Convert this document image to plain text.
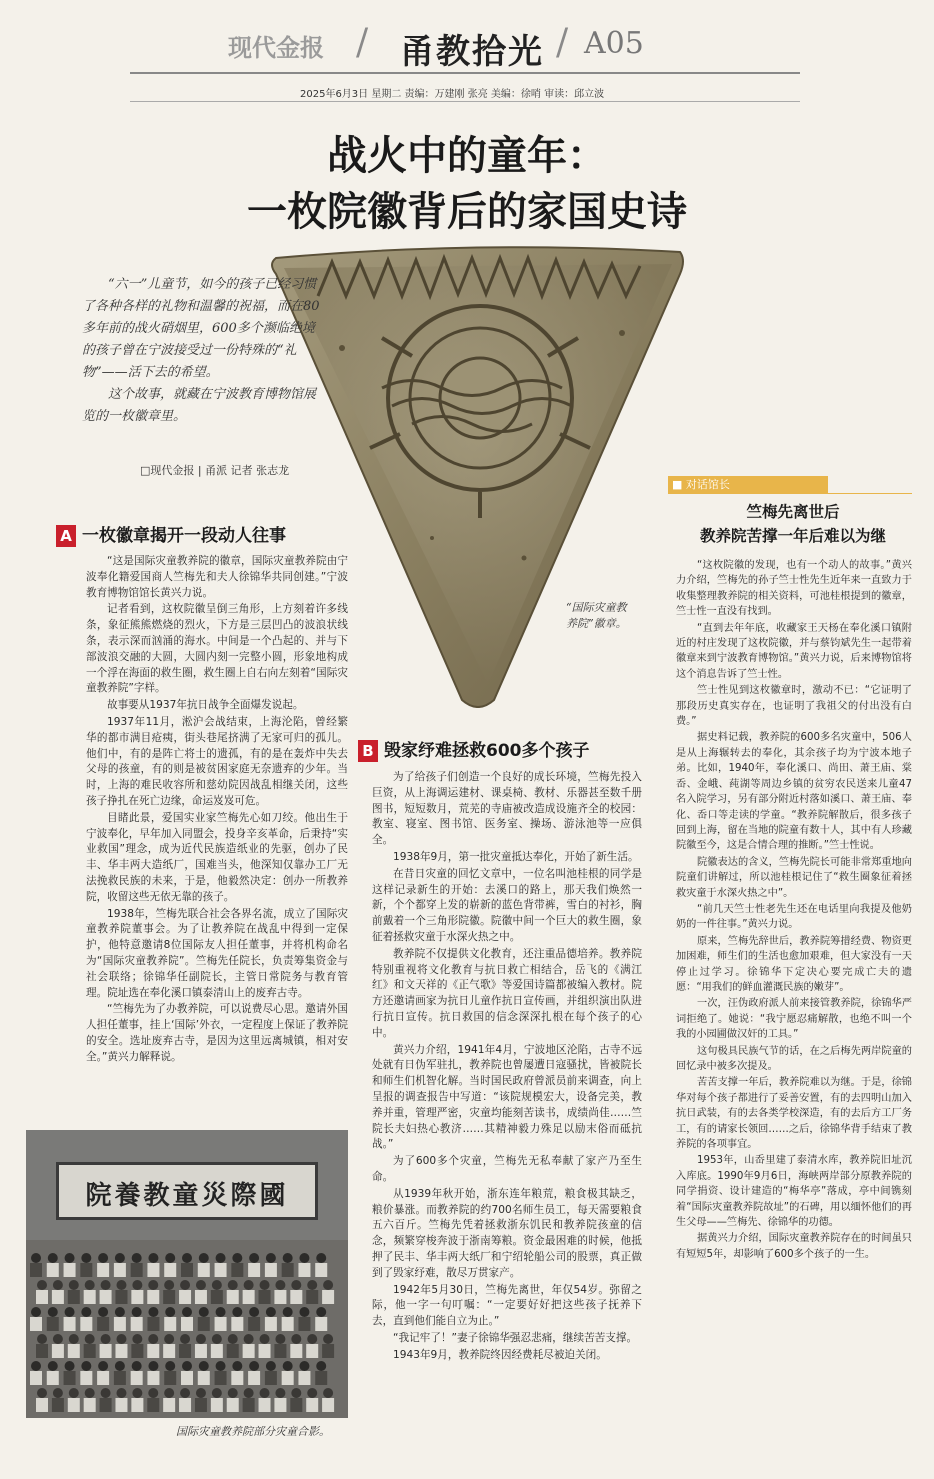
现代金报 / 甬教拾光 / A05
2025年6月3日 星期二 责编：万建刚 张亮 美编：徐哨 审读：邱立波
战火中的童年：
一枚院徽背后的家国史诗

“六一”儿童节，如今的孩子已经习惯了各种各样的礼物和温馨的祝福，而在80多年前的战火硝烟里，600多个濒临绝境的孩子曾在宁波接受过一份特殊的“礼物”——活下去的希望。

这个故事，就藏在宁波教育博物馆展览的一枚徽章里。

□现代金报 | 甬派 记者 张志龙
“国际灾童教养院”徽章。
A 一枚徽章揭开一段动人往事

“这是国际灾童教养院的徽章，国际灾童教养院由宁波奉化籍爱国商人竺梅先和夫人徐锦华共同创建。”宁波教育博物馆馆长黄兴力说。

记者看到，这枚院徽呈倒三角形，上方刻着许多线条，象征熊熊燃烧的烈火，下方是三层凹凸的波浪状线条，表示深而汹涌的海水。中间是一个凸起的、并与下部波浪交融的大圆，大圆内刻一完整小圆，形象地构成一个浮在海面的救生圈，救生圈上自右向左刻着“国际灾童教养院”字样。

故事要从1937年抗日战争全面爆发说起。

1937年11月，淞沪会战结束，上海沦陷，曾经繁华的都市满目疮痍，街头巷尾挤满了无家可归的孤儿。他们中，有的是阵亡将士的遗孤，有的是在轰炸中失去父母的孩童，有的则是被贫困家庭无奈遗弃的少年。当时，上海的难民收容所和慈幼院因战乱相继关闭，这些孩子挣扎在死亡边缘，命运岌岌可危。

目睹此景，爱国实业家竺梅先心如刀绞。他出生于宁波奉化，早年加入同盟会，投身辛亥革命，后秉持“实业救国”理念，成为近代民族造纸业的先驱，创办了民丰、华丰两大造纸厂，国难当头，他深知仅靠办工厂无法挽救民族的未来，于是，他毅然决定：创办一所教养院，收留这些无依无靠的孩子。

1938年，竺梅先联合社会各界名流，成立了国际灾童教养院董事会。为了让教养院在战乱中得到一定保护，他特意邀请8位国际友人担任董事，并将机构命名为“国际灾童教养院”。竺梅先任院长，负责筹集资金与社会联络；徐锦华任副院长，主管日常院务与教育管理。院址选在奉化溪口镇泰清山上的废弃古寺。

“竺梅先为了办教养院，可以说费尽心思。邀请外国人担任董事，挂上‘国际’外衣，一定程度上保证了教养院的安全。选址废弃古寺，是因为这里远离城镇，相对安全。”黄兴力解释说。

院養教童災際國
国际灾童教养院部分灾童合影。
B 毁家纾难拯救600多个孩子

为了给孩子们创造一个良好的成长环境，竺梅先投入巨资，从上海调运建材、课桌椅、教材、乐器甚至数千册图书，短短数月，荒芜的寺庙被改造成设施齐全的校园：教室、寝室、图书馆、医务室、操场、游泳池等一应俱全。

1938年9月，第一批灾童抵达奉化，开始了新生活。

在昔日灾童的回忆文章中，一位名叫池桂根的同学是这样记录新生的开始：去溪口的路上，那天我们焕然一新，个个都穿上发的崭新的蓝色背带裤，雪白的衬衫，胸前戴着一个三角形院徽。院徽中间一个巨大的救生圈，象征着拯救灾童于水深火热之中。

教养院不仅提供文化教育，还注重品德培养。教养院特别重视将文化教育与抗日救亡相结合，岳飞的《满江红》和文天祥的《正气歌》等爱国诗篇都被编入教材。院方还邀请画家为抗日儿童作抗日宣传画，并组织演出队进行抗日宣传。抗日救国的信念深深扎根在每个孩子的心中。

黄兴力介绍，1941年4月，宁波地区沦陷，古寺不远处就有日伪军驻扎，教养院也曾屡遭日寇骚扰，皆被院长和师生们机智化解。当时国民政府曾派员前来调查，向上呈报的调查报告中写道：“该院规模宏大，设备完美，教养并重，管理严密，灾童均能刻苦读书，成绩尚佳……竺院长夫妇热心教济……其精神毅力殊足以励末俗而砥抗战。”

为了600多个灾童，竺梅先无私奉献了家产乃至生命。

从1939年秋开始，浙东连年粮荒，粮食极其缺乏，粮价暴涨。而教养院的约700名师生员工，每天需要粮食五六百斤。竺梅先凭着拯救浙东饥民和教养院孩童的信念，频繁穿梭奔波于浙南筹粮。资金最困难的时候，他抵押了民丰、华丰两大纸厂和宁绍轮船公司的股票，真正做到了毁家纾难，散尽万贯家产。

1942年5月30日，竺梅先离世，年仅54岁。弥留之际，他一字一句叮嘱：“一定要好好把这些孩子抚养下去，直到他们能自立为止。”

“我记牢了！”妻子徐锦华强忍悲痛，继续苦苦支撑。

1943年9月，教养院终因经费耗尽被迫关闭。

■ 对话馆长
竺梅先离世后
教养院苦撑一年后难以为继

“这枚院徽的发现，也有一个动人的故事。”黄兴力介绍，竺梅先的孙子竺士性先生近年来一直致力于收集整理教养院的相关资料，可池桂根提到的徽章，竺士性一直没有找到。

“直到去年年底，收藏家王天杨在奉化溪口镇附近的村庄发现了这枚院徽，并与蔡钧斌先生一起带着徽章来到宁波教育博物馆。”黄兴力说，后来博物馆将这个消息告诉了竺士性。

竺士性见到这枚徽章时，激动不已：“它证明了那段历史真实存在，也证明了我祖父的付出没有白费。”

据史料记载，教养院的600多名灾童中，506人是从上海辗转去的奉化，其余孩子均为宁波本地子弟。比如，1940年，奉化溪口、尚田、萧王庙、棠岙、金峨、莼湖等周边乡镇的贫穷农民送来儿童47名入院学习，另有部分附近村落如溪口、萧王庙、奉化、岙口等走读的学童。“教养院解散后，很多孩子回到上海，留在当地的院童有数十人，其中有人珍藏院徽至今，这是合情合理的推断。”竺士性说。

院徽表达的含义，竺梅先院长可能非常郑重地向院童们讲解过，所以池桂根记住了“救生圈象征着拯救灾童于水深火热之中”。

“前几天竺士性老先生还在电话里向我提及他奶奶的一件往事。”黄兴力说。

原来，竺梅先辞世后，教养院筹措经费、物资更加困难，师生们的生活也愈加艰难，但大家没有一天停止过学习。徐锦华下定决心要完成亡夫的遗愿：“用我们的鲜血灌溉民族的嫩芽”。

一次，汪伪政府派人前来接管教养院，徐锦华严词拒绝了。她说：“我宁愿忍痛解散，也绝不叫一个我的小园圃做汉奸的工具。”

这句极具民族气节的话，在之后梅先两岸院童的回忆录中被多次提及。

苦苦支撑一年后，教养院难以为继。于是，徐锦华对每个孩子都进行了妥善安置，有的去四明山加入抗日武装，有的去各类学校深造，有的去后方工厂务工，有的请家长领回……之后，徐锦华背手结束了教养院的各项事宜。

1953年，山岙里建了泰清水库，教养院旧址沉入库底。1990年9月6日，海峡两岸部分原教养院的同学捐资、设计建造的“梅华亭”落成，亭中间镌刻着“国际灾童教养院故址”的石碑，用以缅怀他们的再生父母——竺梅先、徐锦华的功德。

据黄兴力介绍，国际灾童教养院存在的时间虽只有短短5年，却影响了600多个孩子的一生。
